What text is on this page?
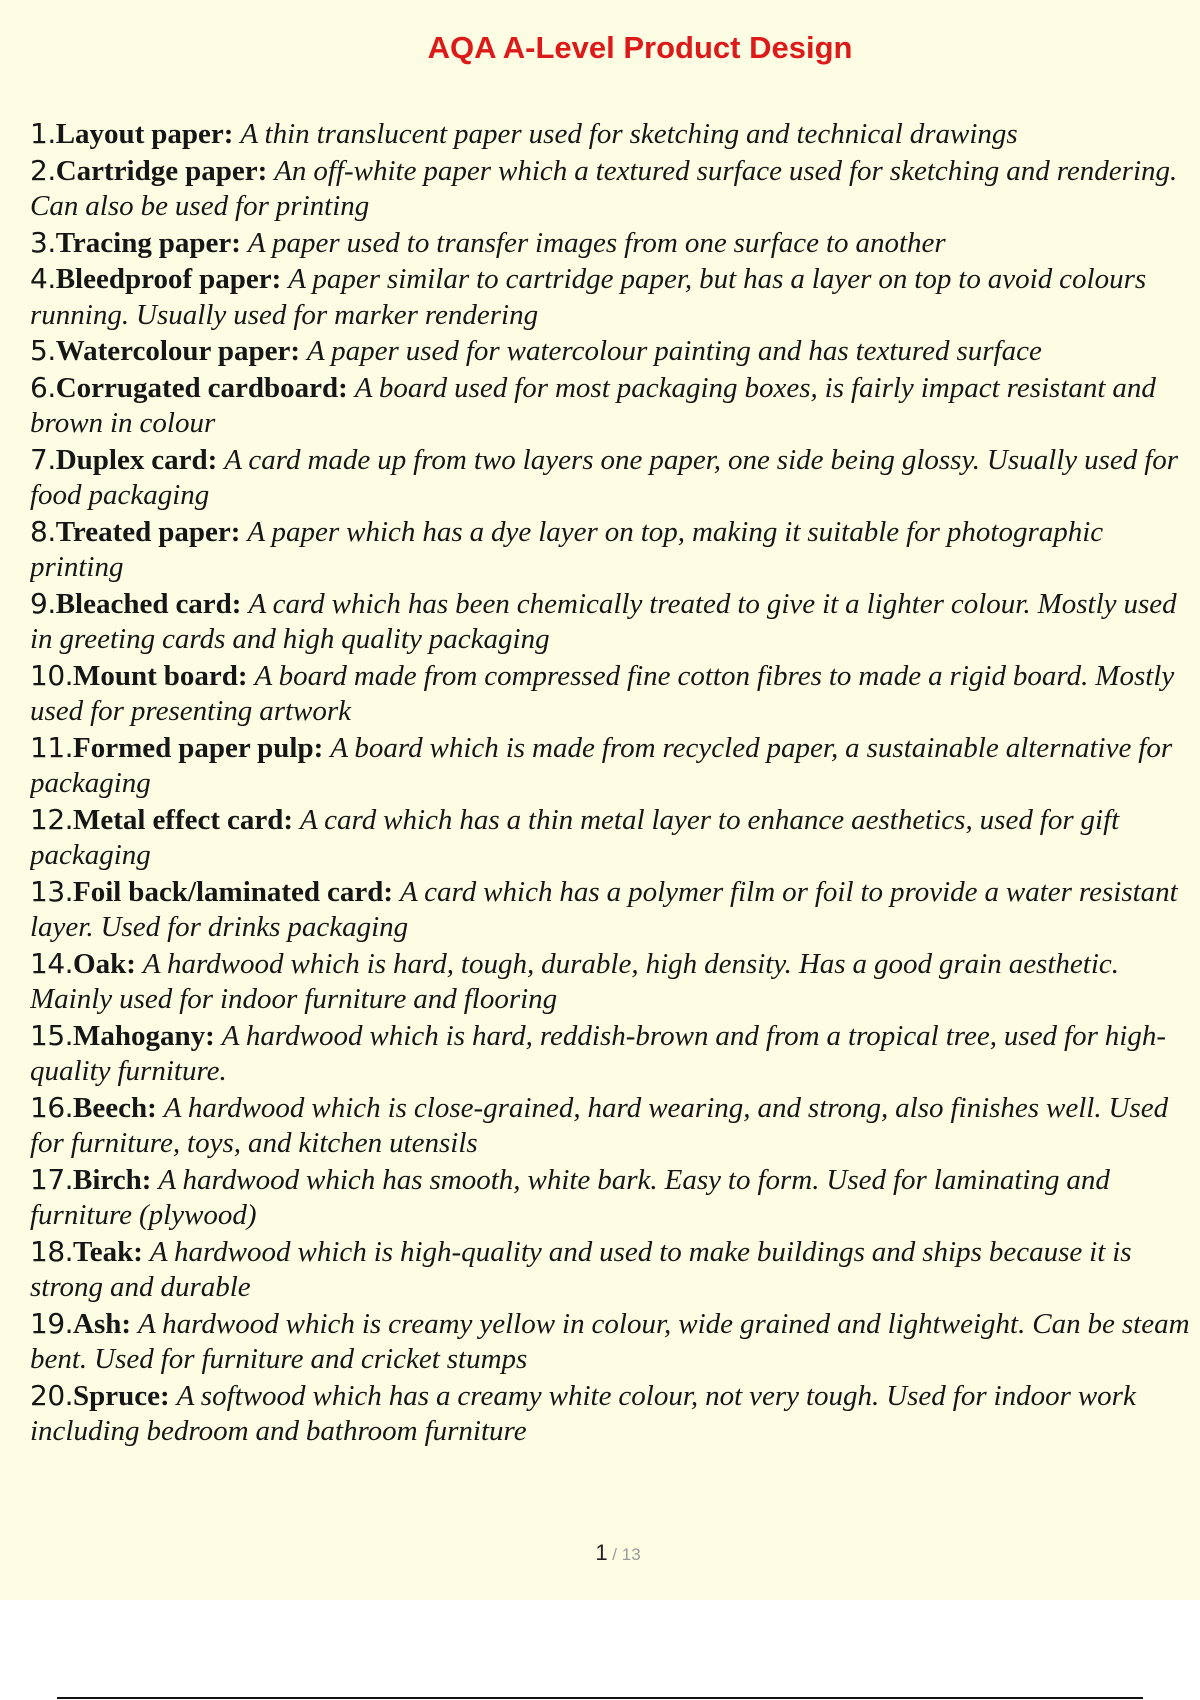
AQA A-Level Product Design
1.Layout paper: A thin translucent paper used for sketching and technical drawings
2.Cartridge paper: An off-white paper which a textured surface used for sketching and rendering. Can also be used for printing
3.Tracing paper: A paper used to transfer images from one surface to another
4.Bleedproof paper: A paper similar to cartridge paper, but has a layer on top to avoid colours running. Usually used for marker rendering
5.Watercolour paper: A paper used for watercolour painting and has textured surface
6.Corrugated cardboard: A board used for most packaging boxes, is fairly impact resistant and brown in colour
7.Duplex card: A card made up from two layers one paper, one side being glossy. Usually used for food packaging
8.Treated paper: A paper which has a dye layer on top, making it suitable for photographic printing
9.Bleached card: A card which has been chemically treated to give it a lighter colour. Mostly used in greeting cards and high quality packaging
10.Mount board: A board made from compressed fine cotton fibres to made a rigid board. Mostly used for presenting artwork
11.Formed paper pulp: A board which is made from recycled paper, a sustainable alternative for packaging
12.Metal effect card: A card which has a thin metal layer to enhance aesthetics, used for gift packaging
13.Foil back/laminated card: A card which has a polymer film or foil to provide a water resistant layer. Used for drinks packaging
14.Oak: A hardwood which is hard, tough, durable, high density. Has a good grain aesthetic. Mainly used for indoor furniture and flooring
15.Mahogany: A hardwood which is hard, reddish-brown and from a tropical tree, used for high-quality furniture.
16.Beech: A hardwood which is close-grained, hard wearing, and strong, also finishes well. Used for furniture, toys, and kitchen utensils
17.Birch: A hardwood which has smooth, white bark. Easy to form. Used for laminating and furniture (plywood)
18.Teak: A hardwood which is high-quality and used to make buildings and ships because it is strong and durable
19.Ash: A hardwood which is creamy yellow in colour, wide grained and lightweight. Can be steam bent. Used for furniture and cricket stumps
20.Spruce: A softwood which has a creamy white colour, not very tough. Used for indoor work including bedroom and bathroom furniture
1 / 13
